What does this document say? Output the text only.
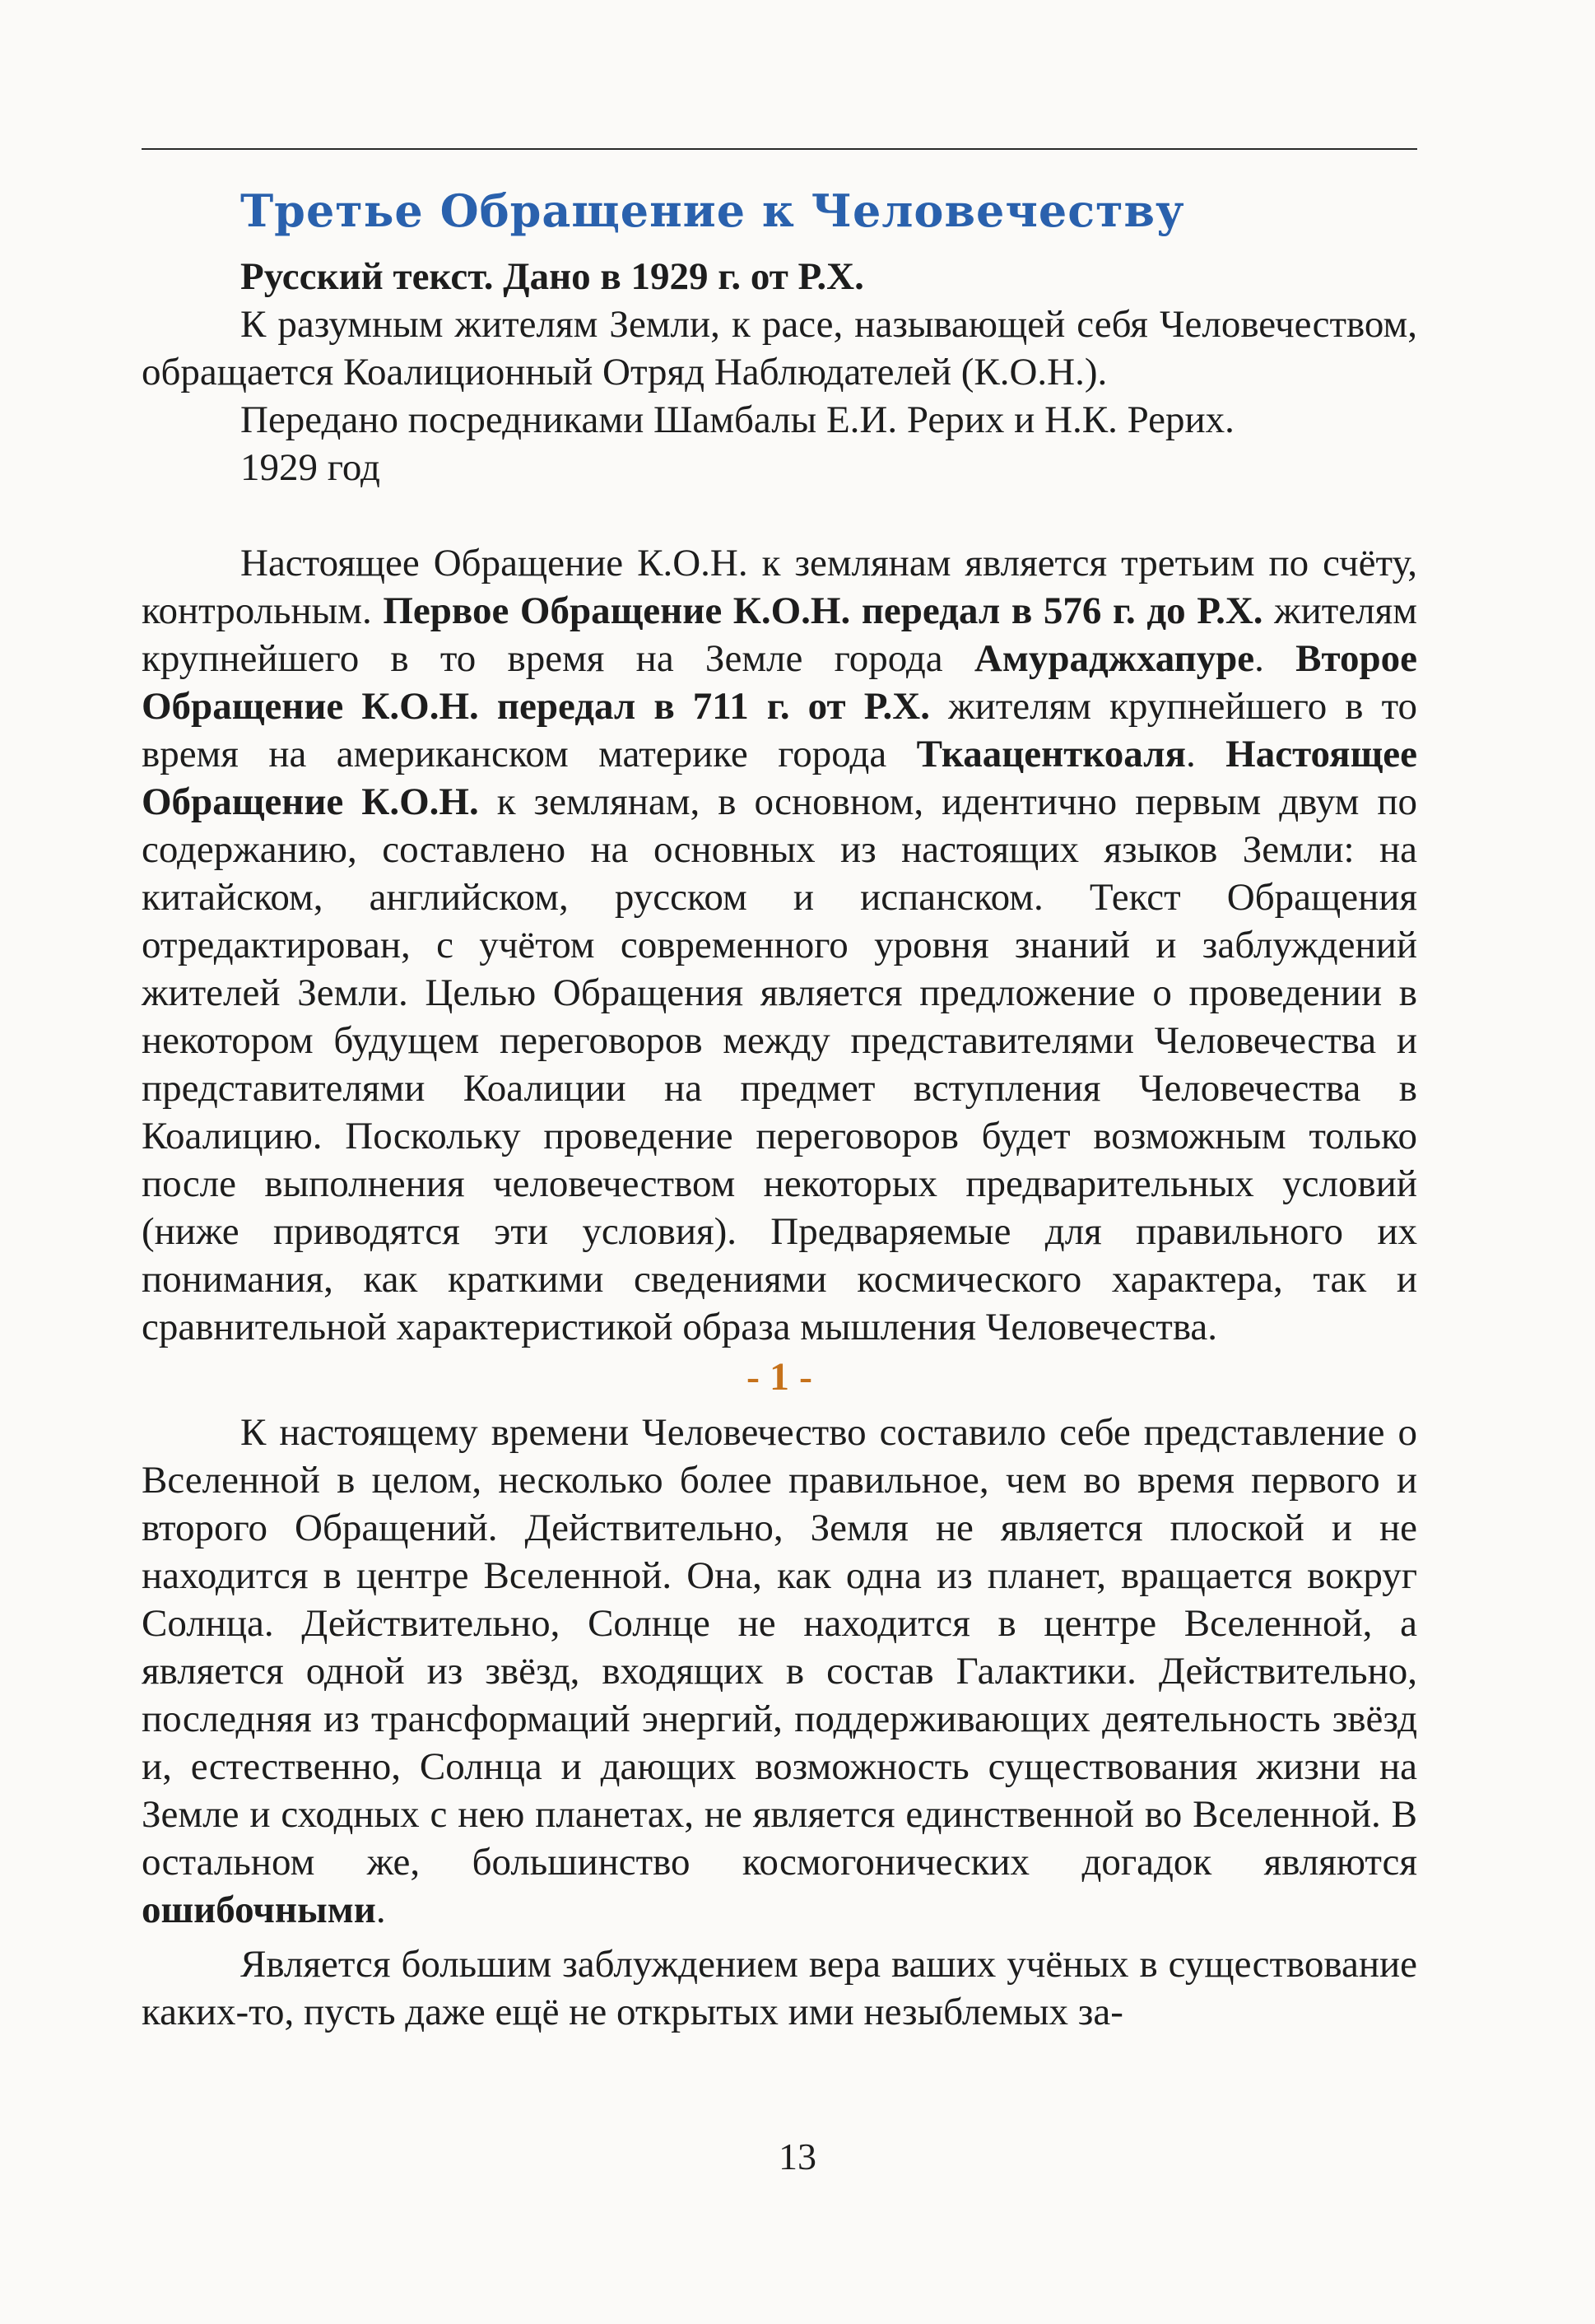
Третье Обращение к Человечеству

Русский текст. Дано в 1929 г. от Р.Х.

К разумным жителям Земли, к расе, называющей себя Человечеством, обращается Коалиционный Отряд Наблюдателей (К.О.Н.).

Передано посредниками Шамбалы Е.И. Рерих и Н.К. Рерих.

1929 год

Настоящее Обращение К.О.Н. к землянам является третьим по счёту, контрольным. Первое Обращение К.О.Н. передал в 576 г. до Р.Х. жителям крупнейшего в то время на Земле города Амураджхапуре. Второе Обращение К.О.Н. передал в 711 г. от Р.Х. жителям крупнейшего в то время на американском материке города Ткааценткоаля. Настоящее Обращение К.О.Н. к землянам, в основном, идентично первым двум по содержанию, составлено на основных из настоящих языков Земли: на китайском, английском, русском и испанском. Текст Обращения отредактирован, с учётом современного уровня знаний и заблуждений жителей Земли. Целью Обращения является предложение о проведении в некотором будущем переговоров между представителями Человечества и представителями Коалиции на предмет вступления Человечества в Коалицию. Поскольку проведение переговоров будет возможным только после выполнения человечеством некоторых предварительных условий (ниже приводятся эти условия). Предваряемые для правильного их понимания, как краткими сведениями космического характера, так и сравнительной характеристикой образа мышления Человечества.

- 1 -

К настоящему времени Человечество составило себе представление о Вселенной в целом, несколько более правильное, чем во время первого и второго Обращений. Действительно, Земля не является плоской и не находится в центре Вселенной. Она, как одна из планет, вращается вокруг Солнца. Действительно, Солнце не находится в центре Вселенной, а является одной из звёзд, входящих в состав Галактики. Действительно, последняя из трансформаций энергий, поддерживающих деятельность звёзд и, естественно, Солнца и дающих возможность существования жизни на Земле и сходных с нею планетах, не является единственной во Вселенной. В остальном же, большинство космогонических догадок являются ошибочными.

Является большим заблуждением вера ваших учёных в существование каких-то, пусть даже ещё не открытых ими незыблемых за-

13
